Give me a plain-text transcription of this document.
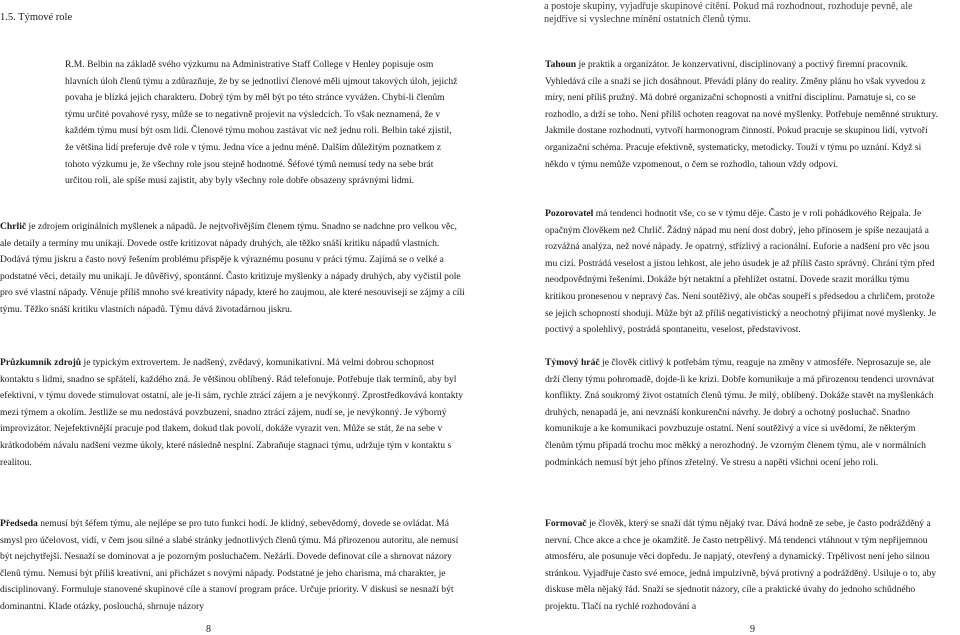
1.5. Týmové role

R.M. Belbin na základě svého výzkumu na Administrative Staff College v Henley popisuje osm hlavních úloh členů týmu a zdůrazňuje, že by se jednotliví členové měli ujmout takových úloh, jejichž povaha je blízká jejich charakteru. Dobrý tým by měl být po této stránce vyvážen. Chybí-li členům týmu určité povahové rysy, může se to negativně projevit na výsledcích. To však neznamená, že v každém týmu musí být osm lidí. Členové týmu mohou zastávat víc než jednu roli. Belbin také zjistil, že většina lidí preferuje dvě role v týmu. Jedna více a jednu méně. Dalším důležitým poznatkem z tohoto výzkumu je, že všechny role jsou stejně hodnotné. Šéfové týmů nemusí tedy na sebe brát určitou roli, ale spíše musí zajistit, aby byly všechny role dobře obsazeny správnými lidmi.

Chrlič je zdrojem originálních myšlenek a nápadů. Je nejtvořivějším členem týmu. Snadno se nadchne pro velkou věc, ale detaily a termíny mu unikají. Dovede ostře kritizovat nápady druhých, ale těžko snáší kritiku nápadů vlastních. Dodává týmu jiskru a často nový řešením problému přispěje k výraznému posunu v práci týmu. Zajímá se o velké a podstatné věci, detaily mu unikají. Je důvěřivý, spontánní. Často kritizuje myšlenky a nápady druhých, aby vyčistil pole pro své vlastní nápady. Věnuje příliš mnoho své kreativity nápady, které ho zaujmou, ale které nesouvisejí se zájmy a cíli týmu. Těžko snáší kritiku vlastních nápadů. Týmu dává životadárnou jiskru.

Průzkumník zdrojů je typickým extrovertem. Je nadšený, zvědavý, komunikativní. Má velmi dobrou schopnost kontaktu s lidmi, snadno se spřátelí, každého zná. Je většinou oblíbený. Rád telefonuje. Potřebuje tlak termínů, aby byl efektivní, v týmu dovede stimulovat ostatní, ale je-li sám, rychle ztrácí zájem a je nevýkonný. Zprostředkovává kontakty mezi týmem a okolím. Jestliže se mu nedostává povzbuzení, snadno ztrácí zájem, nudí se, je nevýkonný. Je výborný improvizátor. Nejefektivnější pracuje pod tlakem, dokud tlak povolí, dokáže vyrazit ven. Může se stát, že na sebe v krátkodobém návalu nadšení vezme úkoly, které následně nesplní. Zabraňuje stagnaci týmu, udržuje tým v kontaktu s realitou.

Předseda nemusí být šéfem týmu, ale nejlépe se pro tuto funkci hodí. Je klidný, sebevědomý, dovede se ovládat. Má smysl pro účelovost, vidí, v čem jsou silné a slabé stránky jednotlivých členů týmu. Má přirozenou autoritu, ale nemusí být nejchytřejší. Nesnaží se dominovat a je pozorným posluchačem. Nežárlí. Dovede definovat cíle a shrnovat názory členů týmu. Nemusí být příliš kreativní, ani přicházet s novými nápady. Podstatné je jeho charisma, má charakter, je disciplinovaný. Formuluje stanovené skupinové cíle a stanoví program práce. Určuje priority. V diskusi se nesnaží být dominantní. Klade otázky, poslouchá, shrnuje názory

8
a postoje skupiny, vyjadřuje skupinové cítění. Pokud má rozhodnout, rozhoduje pevně, ale nejdříve si vyslechne mínění ostatních členů týmu.

Tahoun je praktik a organizátor. Je konzervativní, disciplinovaný a poctivý firemní pracovník. Vyhledává cíle a snaží se jich dosáhnout. Převádí plány do reality. Změny plánu ho však vyvedou z míry, není příliš pružný. Má dobré organizační schopnosti a vnitřní disciplínu. Pamatuje si, co se rozhodlo, a drží se toho. Není příliš ochoten reagovat na nové myšlenky. Potřebuje neměnné struktury. Jakmile dostane rozhodnutí, vytvoří harmonogram činností. Pokud pracuje se skupinou lidí, vytvoří organizační schéma. Pracuje efektivně, systematicky, metodicky. Touží v týmu po uznání. Když si někdo v týmu nemůže vzpomenout, o čem se rozhodlo, tahoun vždy odpoví.

Pozorovatel má tendenci hodnotit vše, co se v týmu děje. Často je v roli pohádkového Rejpala. Je opačným člověkem než Chrlič. Žádný nápad mu není dost dobrý, jeho přínosem je spíše nezaujatá a rozvážná analýza, než nové nápady. Je opatrný, střízlivý a racionální. Euforie a nadšení pro věc jsou mu cizí. Postrádá veselost a jistou lehkost, ale jeho úsudek je až příliš často správný. Chrání tým před neodpovědnými řešeními. Dokáže být netaktní a přehlížet ostatní. Dovede srazit morálku týmu kritikou pronesenou v nepravý čas. Není soutěživý, ale občas soupeří s předsedou a chrličem, protože se jejich schopností shodují. Může být až příliš negativistický a neochotný přijímat nové myšlenky. Je poctivý a spolehlivý, postrádá spontaneitu, veselost, představivost.

Týmový hráč je člověk citlivý k potřebám týmu, reaguje na změny v atmosféře. Neprosazuje se, ale drží členy týmu pohromadě, dojde-li ke krizi. Dobře komunikuje a má přirozenou tendenci urovnávat konflikty. Zná soukromý život ostatních členů týmu. Je milý, oblíbený. Dokáže stavět na myšlenkách druhých, nenapadá je, ani nevznáší konkurenční návrhy. Je dobrý a ochotný posluchač. Snadno komunikuje a ke komunikaci povzbuzuje ostatní. Není soutěživý a více si uvědomí, že některým členům týmu připadá trochu moc měkký a nerozhodný. Je vzorným členem týmu, ale v normálních podmínkách nemusí být jeho přínos zřetelný. Ve stresu a napětí všichni ocení jeho roli.

Formovač je člověk, který se snaží dát týmu nějaký tvar. Dává hodně ze sebe, je často podrážděný a nervní. Chce akce a chce je okamžitě. Je často netrpělivý. Má tendenci vtáhnout v tým nepřijemnou atmosféru, ale posunuje věci dopředu. Je napjatý, otevřený a dynamický. Trpělivost není jeho silnou stránkou. Vyjadřuje často své emoce, jedná impulzivně, bývá protivný a podrážděný. Usiluje o to, aby diskuse měla nějaký řád. Snaží se sjednotit názory, cíle a praktické úvahy do jednoho schůdného projektu. Tlačí na rychlé rozhodování a

9
